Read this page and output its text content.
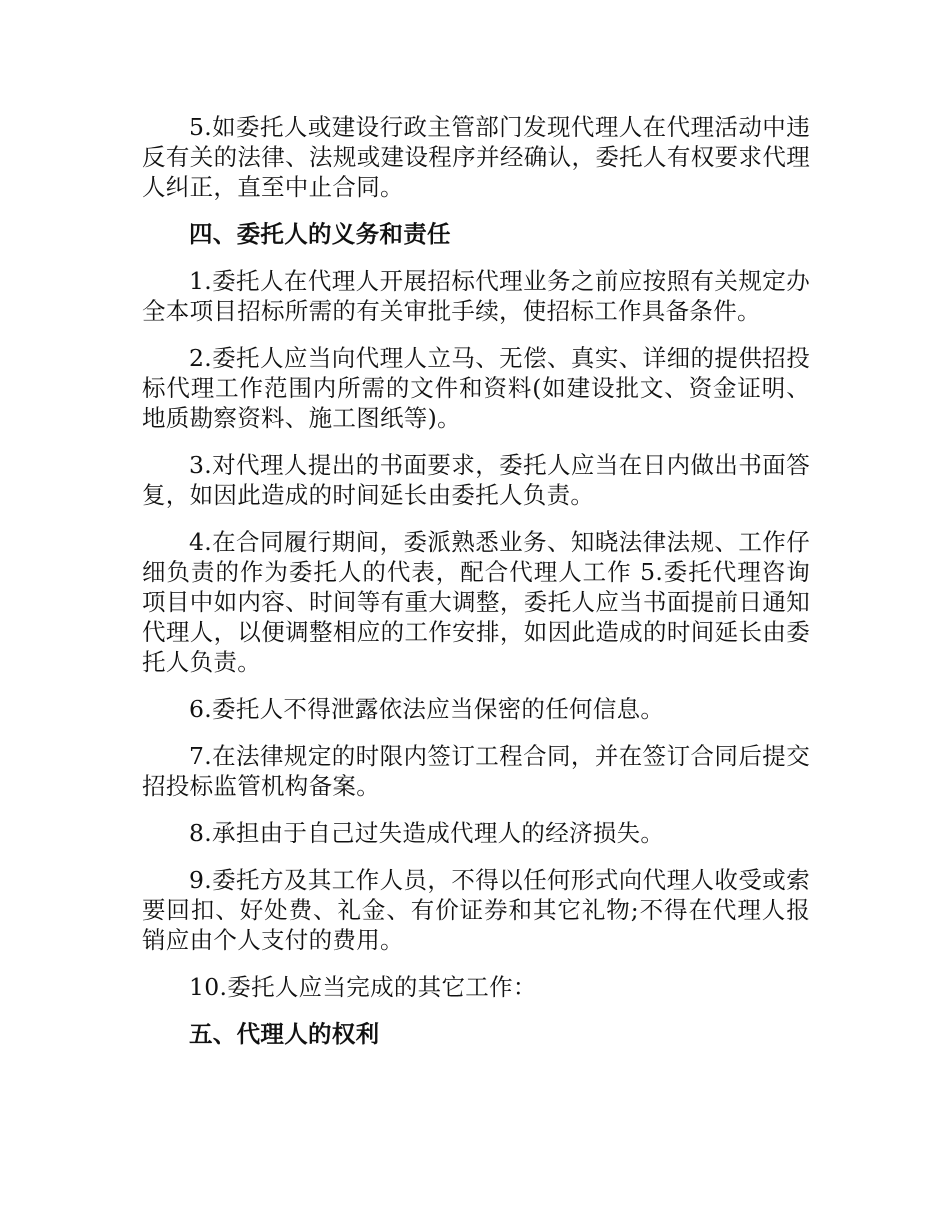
5.如委托人或建设行政主管部门发现代理人在代理活动中违反有关的法律、法规或建设程序并经确认，委托人有权要求代理人纠正，直至中止合同。

四、委托人的义务和责任

1.委托人在代理人开展招标代理业务之前应按照有关规定办全本项目招标所需的有关审批手续，使招标工作具备条件。

2.委托人应当向代理人立马、无偿、真实、详细的提供招投标代理工作范围内所需的文件和资料(如建设批文、资金证明、地质勘察资料、施工图纸等)。

3.对代理人提出的书面要求，委托人应当在日内做出书面答复，如因此造成的时间延长由委托人负责。

4.在合同履行期间，委派熟悉业务、知晓法律法规、工作仔细负责的作为委托人的代表，配合代理人工作 5.委托代理咨询项目中如内容、时间等有重大调整，委托人应当书面提前日通知代理人，以便调整相应的工作安排，如因此造成的时间延长由委托人负责。

6.委托人不得泄露依法应当保密的任何信息。

7.在法律规定的时限内签订工程合同，并在签订合同后提交招投标监管机构备案。

8.承担由于自己过失造成代理人的经济损失。

9.委托方及其工作人员，不得以任何形式向代理人收受或索要回扣、好处费、礼金、有价证券和其它礼物;不得在代理人报销应由个人支付的费用。

10.委托人应当完成的其它工作：

五、代理人的权利
